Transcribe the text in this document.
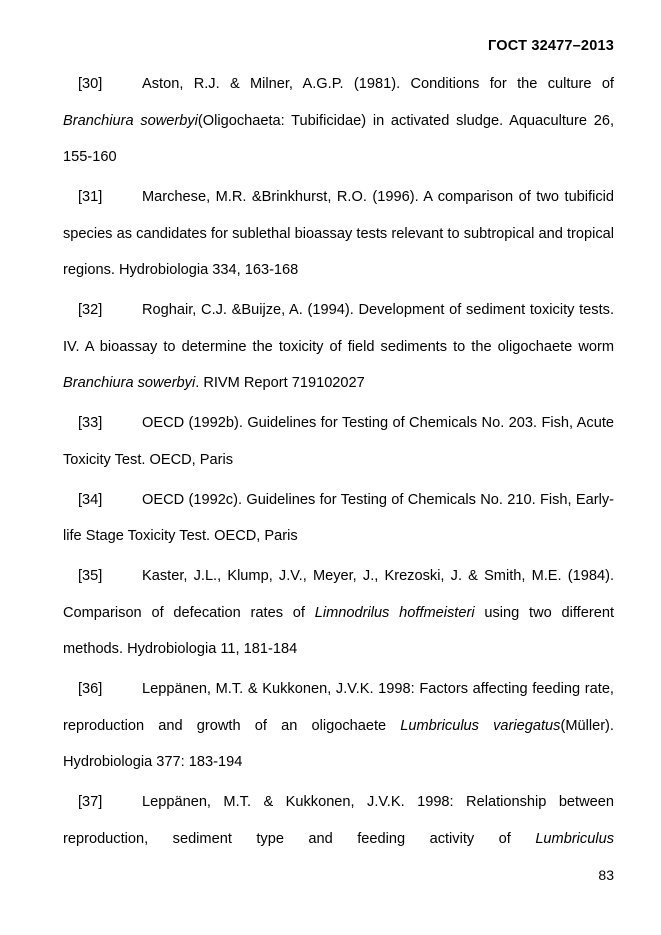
ГОСТ 32477–2013

[30]	Aston, R.J. & Milner, A.G.P. (1981). Conditions for the culture of Branchiura sowerbyi(Oligochaeta: Tubificidae) in activated sludge. Aquaculture 26, 155-160

[31]	Marchese, M.R. &Brinkhurst, R.O. (1996). A comparison of two tubificid species as candidates for sublethal bioassay tests relevant to subtropical and tropical regions. Hydrobiologia 334, 163-168

[32]	Roghair, C.J. &Buijze, A. (1994). Development of sediment toxicity tests. IV. A bioassay to determine the toxicity of field sediments to the oligochaete worm Branchiura sowerbyi. RIVM Report 719102027

[33]	OECD (1992b). Guidelines for Testing of Chemicals No. 203. Fish, Acute Toxicity Test. OECD, Paris

[34]	OECD (1992c). Guidelines for Testing of Chemicals No. 210. Fish, Early-life Stage Toxicity Test. OECD, Paris

[35]	Kaster, J.L., Klump, J.V., Meyer, J., Krezoski, J. & Smith, M.E. (1984). Comparison of defecation rates of Limnodrilus hoffmeisteri using two different methods. Hydrobiologia 11, 181-184

[36]	Leppänen, M.T. & Kukkonen, J.V.K. 1998: Factors affecting feeding rate, reproduction and growth of an oligochaete Lumbriculus variegatus(Müller). Hydrobiologia 377: 183-194

[37]	Leppänen, M.T. & Kukkonen, J.V.K. 1998: Relationship between reproduction, sediment type and feeding activity of Lumbriculus

83
